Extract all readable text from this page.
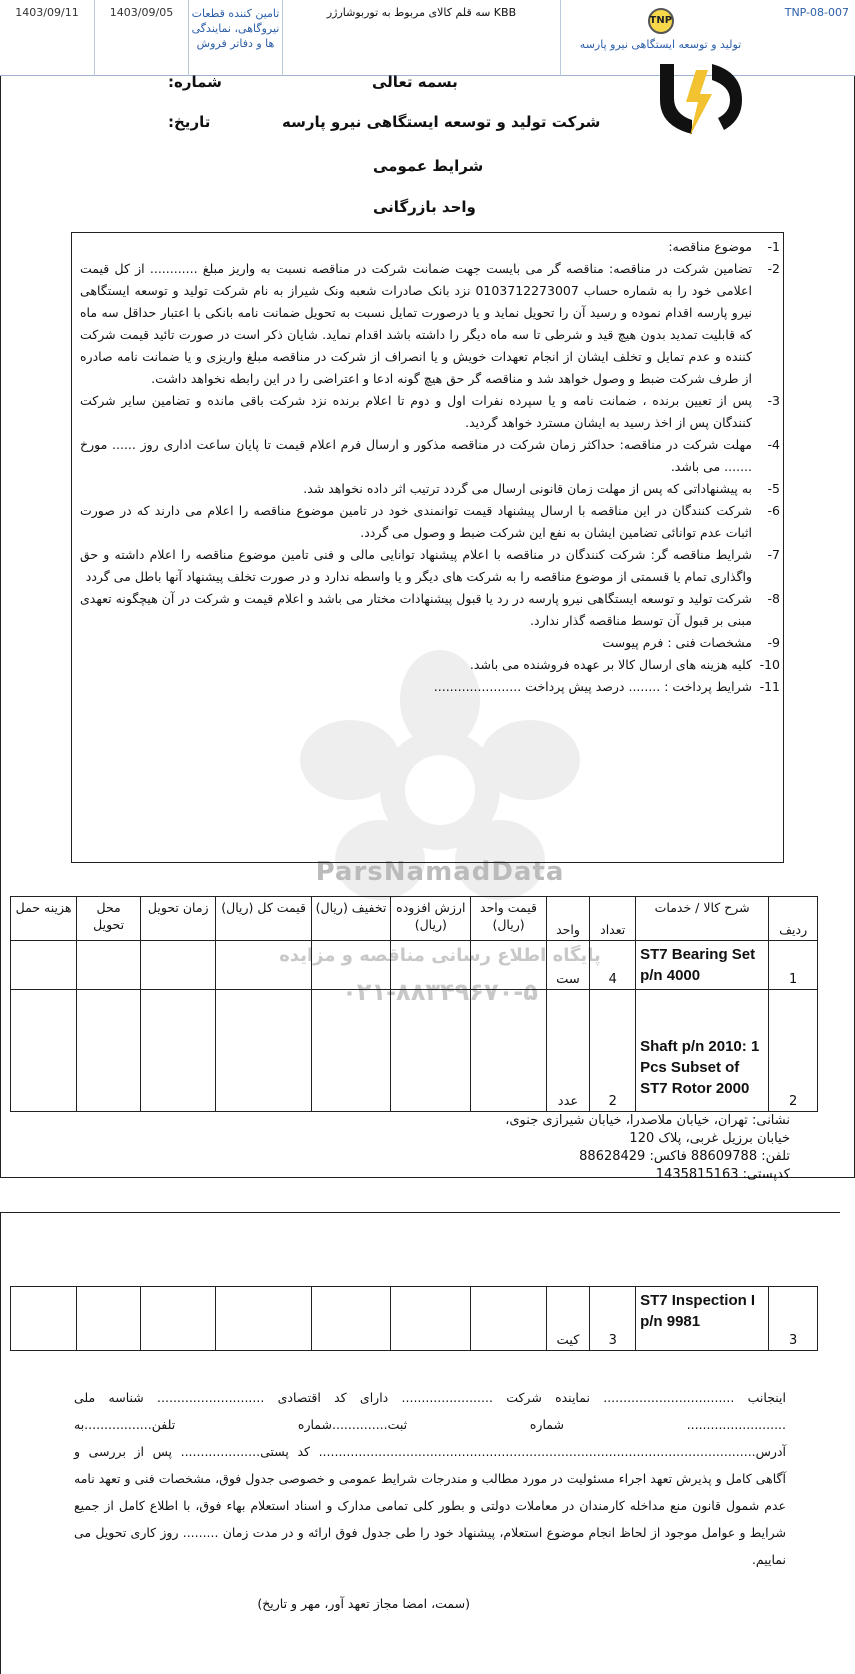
TNP-08-007
TNP
تولید و توسعه ایستگاهی نیرو پارسه
سه قلم کالای مربوط به توربوشارژر KBB
تامین کننده قطعات نیروگاهی، نمایندگی ها و دفاتر فروش
1403/09/05
1403/09/11
ParsNamadData
پایگاه اطلاع رسانی مناقصه و مزایده
۰۲۱-۸۸۳۴۹۶۷۰-۵
بسمه تعالی
شماره:
شرکت تولید و توسعه ایستگاهی نیرو پارسه
تاریخ:
شرایط عمومی
واحد بازرگانی
1-
موضوع مناقصه:
2-
تضامین شرکت در مناقصه: مناقصه گر می بایست جهت ضمانت شرکت در مناقصه نسبت به واریز مبلغ ............ از کل قیمت اعلامی خود را به شماره حساب 0103712273007 نزد بانک صادرات شعبه ونک شیراز به نام شرکت تولید و توسعه ایستگاهی نیرو پارسه اقدام نموده و رسید آن را تحویل نماید و یا درصورت تمایل نسبت به تحویل ضمانت نامه بانکی با اعتبار حداقل سه ماه که قابلیت تمدید بدون هیچ قید و شرطی تا سه ماه دیگر را داشته باشد اقدام نماید. شایان ذکر است در صورت تائید قیمت شرکت کننده و عدم تمایل و تخلف ایشان از انجام تعهدات خویش و یا انصراف از شرکت در مناقصه مبلغ واریزی و یا ضمانت نامه صادره از طرف شرکت ضبط و وصول خواهد شد و مناقصه گر حق هیچ گونه ادعا و اعتراضی را در این رابطه نخواهد داشت.
3-
پس از تعیین برنده ، ضمانت نامه و یا سپرده نفرات اول و دوم تا اعلام برنده نزد شرکت باقی مانده و تضامین سایر شرکت کنندگان پس از اخذ رسید به ایشان مسترد خواهد گردید.
4-
مهلت شرکت در مناقصه: حداکثر زمان شرکت در مناقصه مذکور و ارسال فرم اعلام قیمت تا پایان ساعت اداری روز ...... مورخ ....... می باشد.
5-
به پیشنهاداتی که پس از مهلت زمان قانونی ارسال می گردد ترتیب اثر داده نخواهد شد.
6-
شرکت کنندگان در این مناقصه با ارسال پیشنهاد قیمت توانمندی خود در تامین موضوع مناقصه را اعلام می دارند که در صورت اثبات عدم توانائی تضامین ایشان به نفع این شرکت ضبط و وصول می گردد.
7-
شرایط مناقصه گر: شرکت کنندگان در مناقصه با اعلام پیشنهاد توانایی مالی و فنی تامین موضوع مناقصه را اعلام داشته و حق واگذاری تمام یا قسمتی از موضوع مناقصه را به شرکت های دیگر و یا واسطه ندارد و در صورت تخلف پیشنهاد آنها باطل می گردد
8-
شرکت تولید و توسعه ایستگاهی نیرو پارسه در رد یا قبول پیشنهادات مختار می باشد و اعلام قیمت و شرکت در آن هیچگونه تعهدی مبنی بر قبول آن توسط مناقصه گذار ندارد.
9-
مشخصات فنی : فرم پیوست
10-
کلیه هزینه های ارسال کالا بر عهده فروشنده می باشد.
11-
شرایط پرداخت : ........ درصد پیش پرداخت ......................
ردیف	شرح کالا / خدمات	تعداد	واحد	قیمت واحد (ریال)	ارزش افزوده (ریال)	تخفیف (ریال)	قیمت کل (ریال)	زمان تحویل	محل تحویل	هزینه حمل
1	ST7 Bearing Set p/n 4000	4	ست							
2	Shaft p/n 2010: 1 Pcs Subset of ST7 Rotor 2000	2	عدد							
نشانی: تهران، خیابان ملاصدرا، خیابان شیرازی جنوی،
خیابان برزیل غربی، پلاک 120
تلفن: 88609788 فاکس: 88628429
کدپستی: 1435815163
3	ST7 Inspection I p/n 9981	3	کیت							
اینجانب ................................. نماینده شرکت ....................... دارای کد اقتصادی ........................... شناسه ملی ......................... شماره ثبت..............شماره تلفن.................به آدرس.............................................................................................................. کد پستی.................... پس از بررسی و آگاهی کامل و پذیرش تعهد اجراء مسئولیت در مورد مطالب و مندرجات شرایط عمومی و خصوصی جدول فوق، مشخصات فنی و تعهد نامه عدم شمول قانون منع مداخله کارمندان در معاملات دولتی و بطور کلی تمامی مدارک و اسناد استعلام بهاء فوق، با اطلاع کامل از جمیع شرایط و عوامل موجود از لحاظ انجام موضوع استعلام، پیشنهاد خود را طی جدول فوق ارائه و در مدت زمان ......... روز کاری تحویل می نماییم.
(سمت، امضا مجاز تعهد آور، مهر و تاریخ)
